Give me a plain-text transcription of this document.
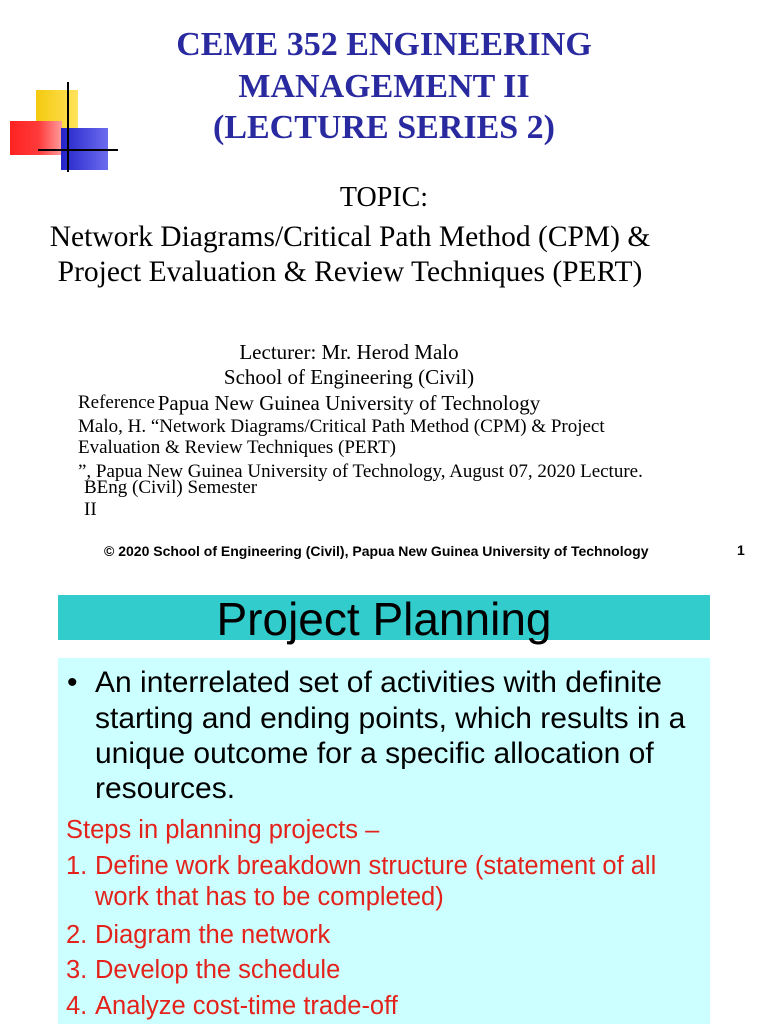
CEME 352 ENGINEERING
MANAGEMENT II
(LECTURE SERIES 2)
TOPIC:
Network Diagrams/Critical Path Method (CPM) &
Project Evaluation & Review Techniques (PERT)
Lecturer: Mr. Herod Malo
School of Engineering (Civil)
Papua New Guinea University of Technology
Reference
Malo, H. “Network Diagrams/Critical Path Method (CPM) & Project
Evaluation & Review Techniques (PERT)
”, Papua New Guinea University of Technology, August 07, 2020 Lecture.
BEng (Civil) Semester
II
© 2020 School of Engineering (Civil), Papua New Guinea University of Technology	1
Project Planning
• An interrelated set of activities with definite
starting and ending points, which results in a
unique outcome for a specific allocation of
resources.
Steps in planning projects –
1. Define work breakdown structure (statement of all
work that has to be completed)
2. Diagram the network
3. Develop the schedule
4. Analyze cost-time trade-off
